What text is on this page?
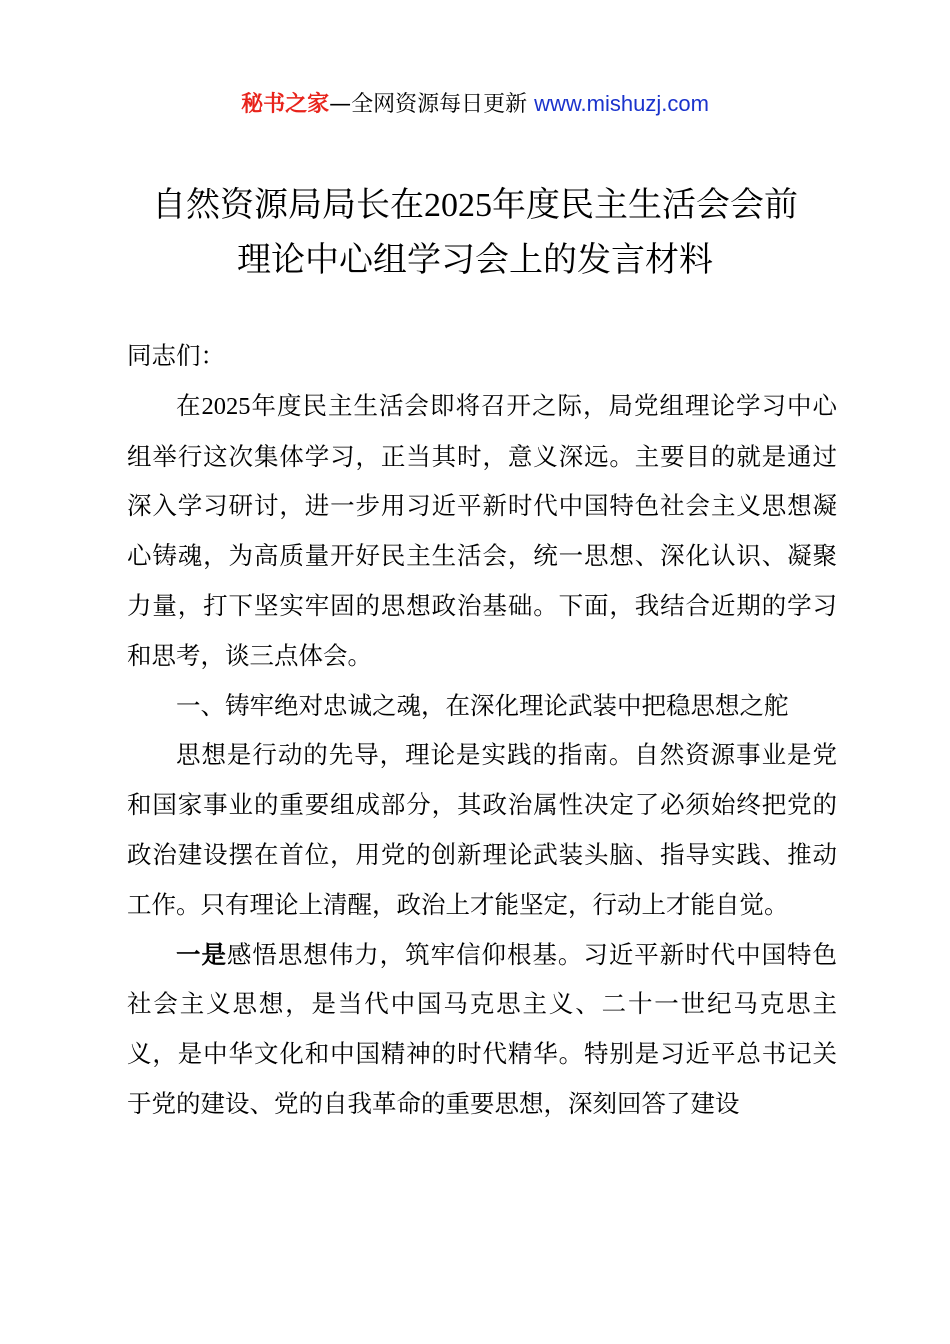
秘书之家—全网资源每日更新 www.mishuzj.com
自然资源局局长在2025年度民主生活会会前
理论中心组学习会上的发言材料

同志们：

在2025年度民主生活会即将召开之际，局党组理论学习中心组举行这次集体学习，正当其时，意义深远。主要目的就是通过深入学习研讨，进一步用习近平新时代中国特色社会主义思想凝心铸魂，为高质量开好民主生活会，统一思想、深化认识、凝聚力量，打下坚实牢固的思想政治基础。下面，我结合近期的学习和思考，谈三点体会。

一、铸牢绝对忠诚之魂，在深化理论武装中把稳思想之舵

思想是行动的先导，理论是实践的指南。自然资源事业是党和国家事业的重要组成部分，其政治属性决定了必须始终把党的政治建设摆在首位，用党的创新理论武装头脑、指导实践、推动工作。只有理论上清醒，政治上才能坚定，行动上才能自觉。

一是感悟思想伟力，筑牢信仰根基。习近平新时代中国特色社会主义思想，是当代中国马克思主义、二十一世纪马克思主义，是中华文化和中国精神的时代精华。特别是习近平总书记关于党的建设、党的自我革命的重要思想，深刻回答了建设
